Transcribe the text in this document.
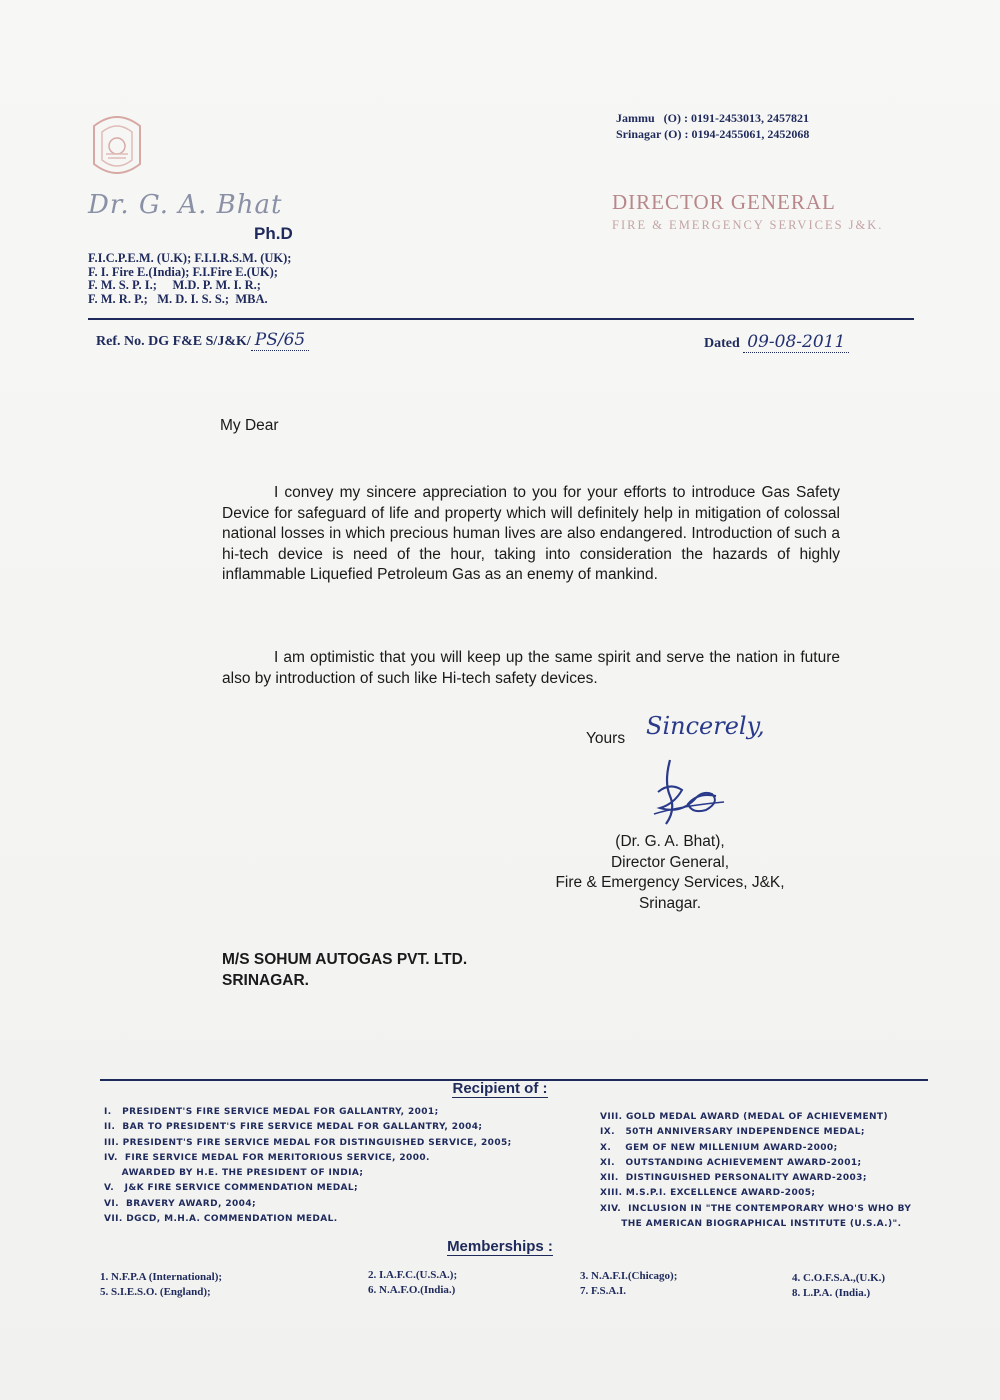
Dr. G. A. Bhat
Ph.D
F.I.C.P.E.M. (U.K); F.I.I.R.S.M. (UK);
F. I. Fire E.(India); F.I.Fire E.(UK);
F. M. S. P. I.;     M.D. P. M. I. R.;
F. M. R. P.;   M. D. I. S. S.;  MBA.
Jammu   (O) : 0191-2453013, 2457821
Srinagar (O) : 0194-2455061, 2452068
DIRECTOR GENERAL
FIRE & EMERGENCY SERVICES J&K.
Ref. No. DG F&E S/J&K/ PS/65	Dated 09-08-2011
My Dear
I convey my sincere appreciation to you for your efforts to introduce Gas Safety Device for safeguard of life and property which will definitely help in mitigation of colossal national losses in which precious human lives are also endangered. Introduction of such a hi-tech device is need of the hour, taking into consideration the hazards of highly inflammable Liquefied Petroleum Gas as an enemy of mankind.
I am optimistic that you will keep up the same spirit and serve the nation in future also by introduction of such like Hi-tech safety devices.
Yours Sincerely,
(Dr. G. A. Bhat),
Director General,
Fire & Emergency Services, J&K,
Srinagar.
M/S SOHUM AUTOGAS PVT. LTD.
SRINAGAR.
Recipient of :
I.   PRESIDENT'S FIRE SERVICE MEDAL FOR GALLANTRY, 2001;
II.  BAR TO PRESIDENT'S FIRE SERVICE MEDAL FOR GALLANTRY, 2004;
III. PRESIDENT'S FIRE SERVICE MEDAL FOR DISTINGUISHED SERVICE, 2005;
IV.  FIRE SERVICE MEDAL FOR MERITORIOUS SERVICE, 2000.
AWARDED BY H.E. THE PRESIDENT OF INDIA;
V.   J&K FIRE SERVICE COMMENDATION MEDAL;
VI.  BRAVERY AWARD, 2004;
VII. DGCD, M.H.A. COMMENDATION MEDAL.
VIII. GOLD MEDAL AWARD (MEDAL OF ACHIEVEMENT)
IX.   50TH ANNIVERSARY INDEPENDENCE MEDAL;
X.    GEM OF NEW MILLENIUM AWARD-2000;
XI.   OUTSTANDING ACHIEVEMENT AWARD-2001;
XII.  DISTINGUISHED PERSONALITY AWARD-2003;
XIII. M.S.P.I. EXCELLENCE AWARD-2005;
XIV.  INCLUSION IN "THE CONTEMPORARY WHO'S WHO BY
THE AMERICAN BIOGRAPHICAL INSTITUTE (U.S.A.)".
Memberships :
1. N.F.P.A (International);
5. S.I.E.S.O. (England);
2. I.A.F.C.(U.S.A.);
6. N.A.F.O.(India.)
3. N.A.F.I.(Chicago);
7. F.S.A.I.
4. C.O.F.S.A.,(U.K.)
8. L.P.A. (India.)
